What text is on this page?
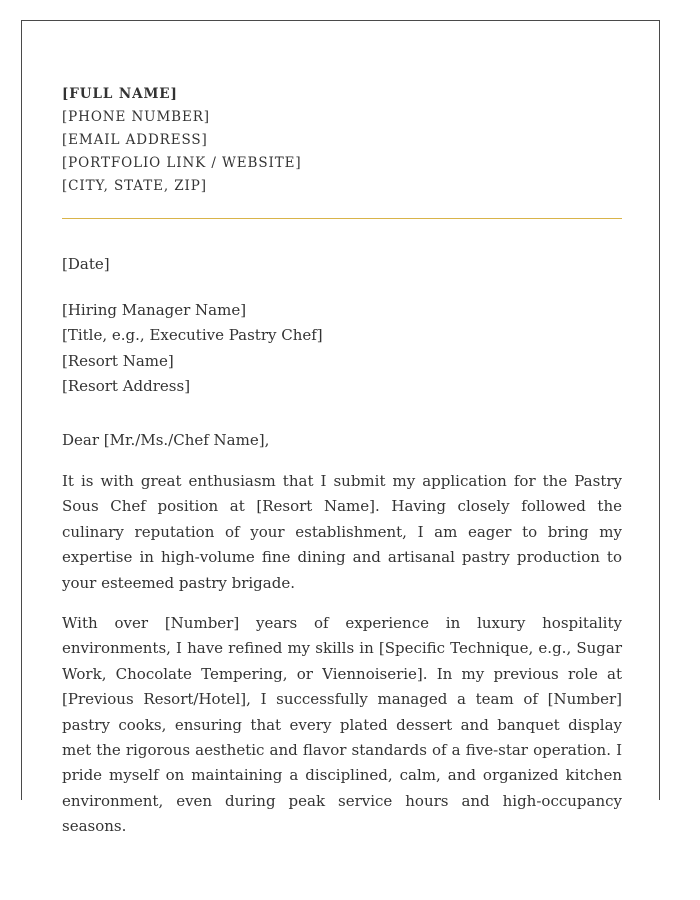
[FULL NAME]
[PHONE NUMBER]
[EMAIL ADDRESS]
[PORTFOLIO LINK / WEBSITE]
[CITY, STATE, ZIP]
[Date]
[Hiring Manager Name]
[Title, e.g., Executive Pastry Chef]
[Resort Name]
[Resort Address]
Dear [Mr./Ms./Chef Name],

It is with great enthusiasm that I submit my application for the Pastry Sous Chef position at [Resort Name]. Having closely followed the culinary reputation of your establishment, I am eager to bring my expertise in high-volume fine dining and artisanal pastry production to your esteemed pastry brigade.

With over [Number] years of experience in luxury hospitality environments, I have refined my skills in [Specific Technique, e.g., Sugar Work, Chocolate Tempering, or Viennoiserie]. In my previous role at [Previous Resort/Hotel], I successfully managed a team of [Number] pastry cooks, ensuring that every plated dessert and banquet display met the rigorous aesthetic and flavor standards of a five-star operation. I pride myself on maintaining a disciplined, calm, and organized kitchen environment, even during peak service hours and high-occupancy seasons.
